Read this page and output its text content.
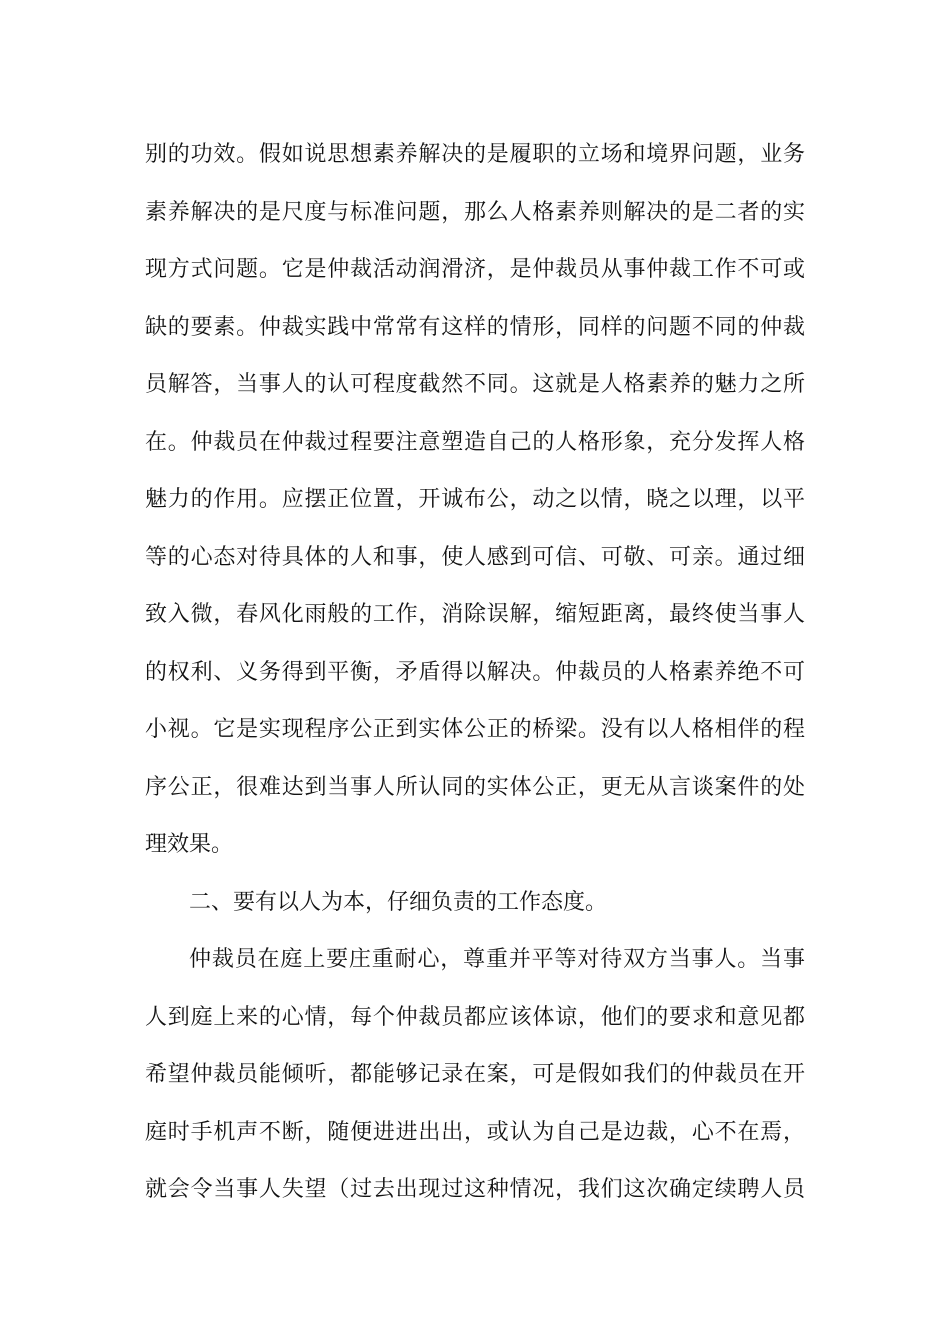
别的功效。假如说思想素养解决的是履职的立场和境界问题，业务
素养解决的是尺度与标准问题，那么人格素养则解决的是二者的实
现方式问题。它是仲裁活动润滑济，是仲裁员从事仲裁工作不可或
缺的要素。仲裁实践中常常有这样的情形，同样的问题不同的仲裁
员解答，当事人的认可程度截然不同。这就是人格素养的魅力之所
在。仲裁员在仲裁过程要注意塑造自己的人格形象，充分发挥人格
魅力的作用。应摆正位置，开诚布公，动之以情，晓之以理，以平
等的心态对待具体的人和事，使人感到可信、可敬、可亲。通过细
致入微，春风化雨般的工作，消除误解，缩短距离，最终使当事人
的权利、义务得到平衡，矛盾得以解决。仲裁员的人格素养绝不可
小视。它是实现程序公正到实体公正的桥梁。没有以人格相伴的程
序公正，很难达到当事人所认同的实体公正，更无从言谈案件的处
理效果。
二、要有以人为本，仔细负责的工作态度。
仲裁员在庭上要庄重耐心，尊重并平等对待双方当事人。当事
人到庭上来的心情，每个仲裁员都应该体谅，他们的要求和意见都
希望仲裁员能倾听，都能够记录在案，可是假如我们的仲裁员在开
庭时手机声不断，随便进进出出，或认为自己是边裁，心不在焉，
就会令当事人失望（过去出现过这种情况，我们这次确定续聘人员
